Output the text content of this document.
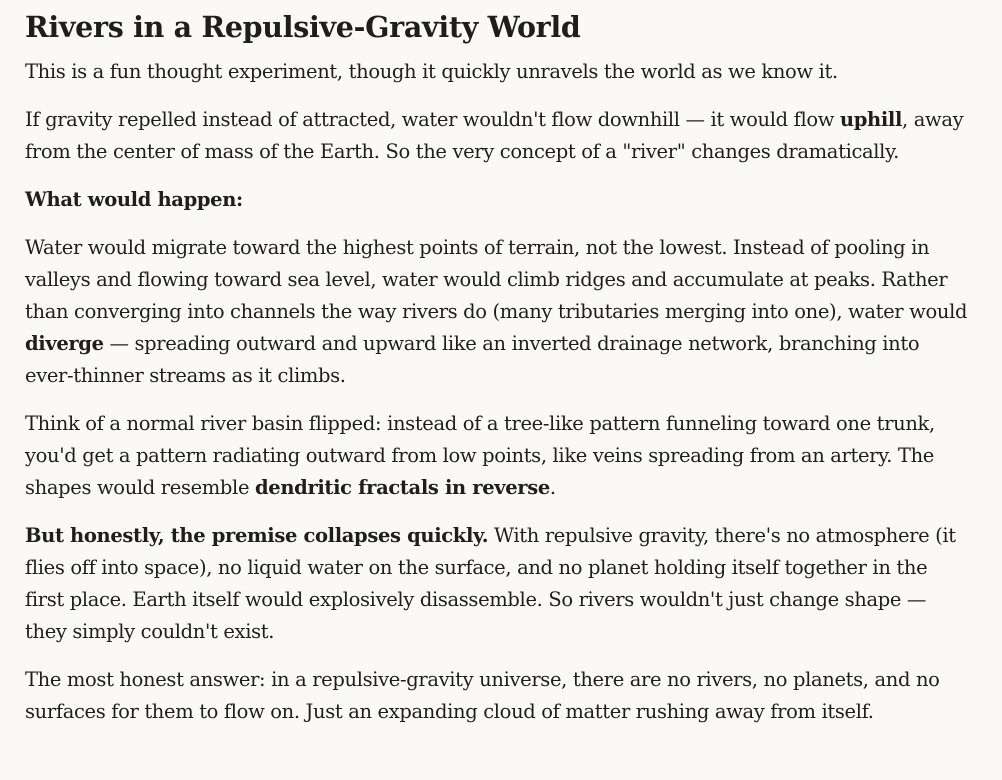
Rivers in a Repulsive-Gravity World

This is a fun thought experiment, though it quickly unravels the world as we know it.

If gravity repelled instead of attracted, water wouldn't flow downhill — it would flow uphill, away from the center of mass of the Earth. So the very concept of a "river" changes dramatically.

What would happen:

Water would migrate toward the highest points of terrain, not the lowest. Instead of pooling in valleys and flowing toward sea level, water would climb ridges and accumulate at peaks. Rather than converging into channels the way rivers do (many tributaries merging into one), water would diverge — spreading outward and upward like an inverted drainage network, branching into ever-thinner streams as it climbs.

Think of a normal river basin flipped: instead of a tree-like pattern funneling toward one trunk, you'd get a pattern radiating outward from low points, like veins spreading from an artery. The shapes would resemble dendritic fractals in reverse.

But honestly, the premise collapses quickly. With repulsive gravity, there's no atmosphere (it flies off into space), no liquid water on the surface, and no planet holding itself together in the first place. Earth itself would explosively disassemble. So rivers wouldn't just change shape — they simply couldn't exist.

The most honest answer: in a repulsive-gravity universe, there are no rivers, no planets, and no surfaces for them to flow on. Just an expanding cloud of matter rushing away from itself.
